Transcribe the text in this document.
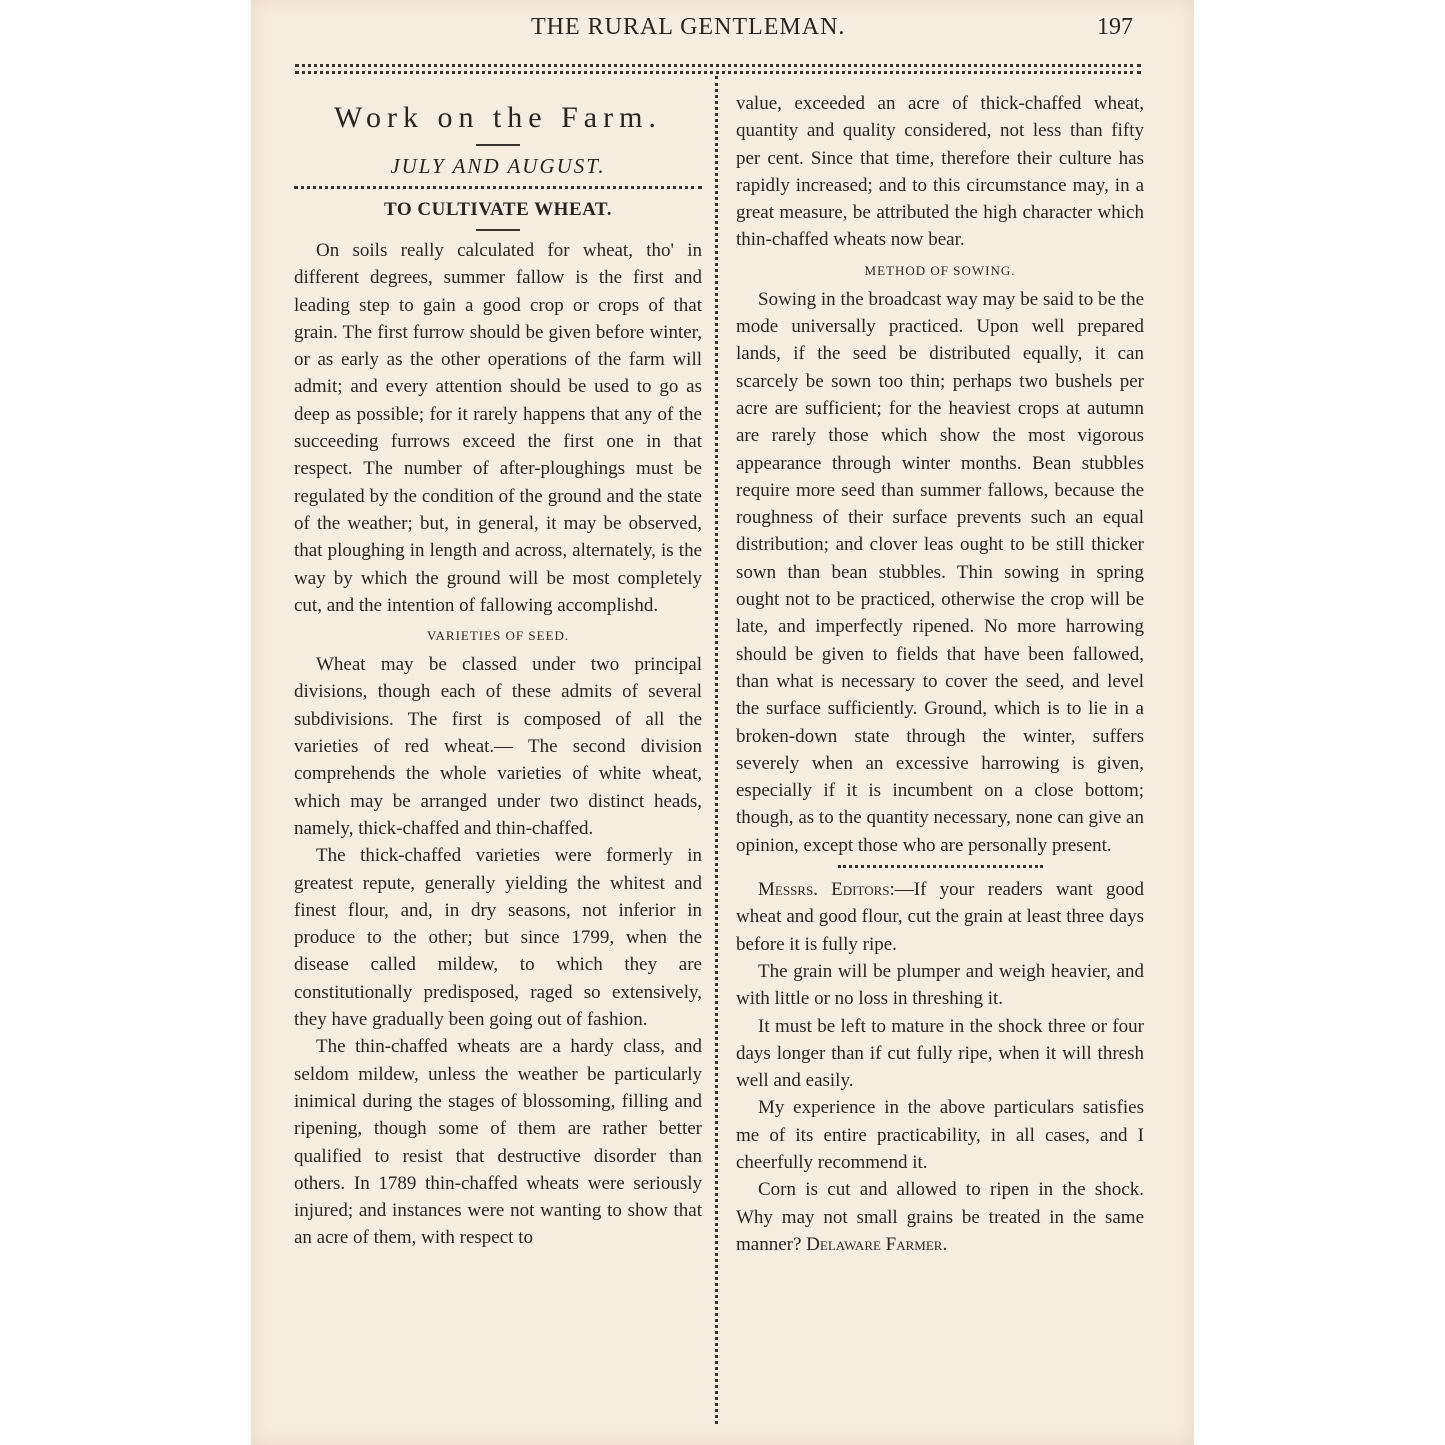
THE RURAL GENTLEMAN.	197
Work on the Farm.
JULY AND AUGUST.
TO CULTIVATE WHEAT.

On soils really calculated for wheat, tho' in different degrees, summer fallow is the first and leading step to gain a good crop or crops of that grain. The first furrow should be given before winter, or as early as the other operations of the farm will admit; and every attention should be used to go as deep as possible; for it rarely happens that any of the succeeding furrows exceed the first one in that respect. The number of after-ploughings must be regulated by the condition of the ground and the state of the weather; but, in general, it may be observed, that ploughing in length and across, alternately, is the way by which the ground will be most completely cut, and the intention of fallowing accomplishd.

VARIETIES OF SEED.

Wheat may be classed under two principal divisions, though each of these admits of several subdivisions. The first is composed of all the varieties of red wheat.— The second division comprehends the whole varieties of white wheat, which may be arranged under two distinct heads, namely, thick-chaffed and thin-chaffed.

The thick-chaffed varieties were formerly in greatest repute, generally yielding the whitest and finest flour, and, in dry seasons, not inferior in produce to the other; but since 1799, when the disease called mildew, to which they are constitutionally predisposed, raged so extensively, they have gradually been going out of fashion.

The thin-chaffed wheats are a hardy class, and seldom mildew, unless the weather be particularly inimical during the stages of blossoming, filling and ripening, though some of them are rather better qualified to resist that destructive disorder than others. In 1789 thin-chaffed wheats were seriously injured; and instances were not wanting to show that an acre of them, with respect to

value, exceeded an acre of thick-chaffed wheat, quantity and quality considered, not less than fifty per cent. Since that time, therefore their culture has rapidly increased; and to this circumstance may, in a great measure, be attributed the high character which thin-chaffed wheats now bear.

METHOD OF SOWING.

Sowing in the broadcast way may be said to be the mode universally practiced. Upon well prepared lands, if the seed be distributed equally, it can scarcely be sown too thin; perhaps two bushels per acre are sufficient; for the heaviest crops at autumn are rarely those which show the most vigorous appearance through winter months. Bean stubbles require more seed than summer fallows, because the roughness of their surface prevents such an equal distribution; and clover leas ought to be still thicker sown than bean stubbles. Thin sowing in spring ought not to be practiced, otherwise the crop will be late, and imperfectly ripened. No more harrowing should be given to fields that have been fallowed, than what is necessary to cover the seed, and level the surface sufficiently. Ground, which is to lie in a broken-down state through the winter, suffers severely when an excessive harrowing is given, especially if it is incumbent on a close bottom; though, as to the quantity necessary, none can give an opinion, except those who are personally present.

Messrs. Editors:—If your readers want good wheat and good flour, cut the grain at least three days before it is fully ripe.

The grain will be plumper and weigh heavier, and with little or no loss in threshing it.

It must be left to mature in the shock three or four days longer than if cut fully ripe, when it will thresh well and easily.

My experience in the above particulars satisfies me of its entire practicability, in all cases, and I cheerfully recommend it.

Corn is cut and allowed to ripen in the shock. Why may not small grains be treated in the same manner? Delaware Farmer.
